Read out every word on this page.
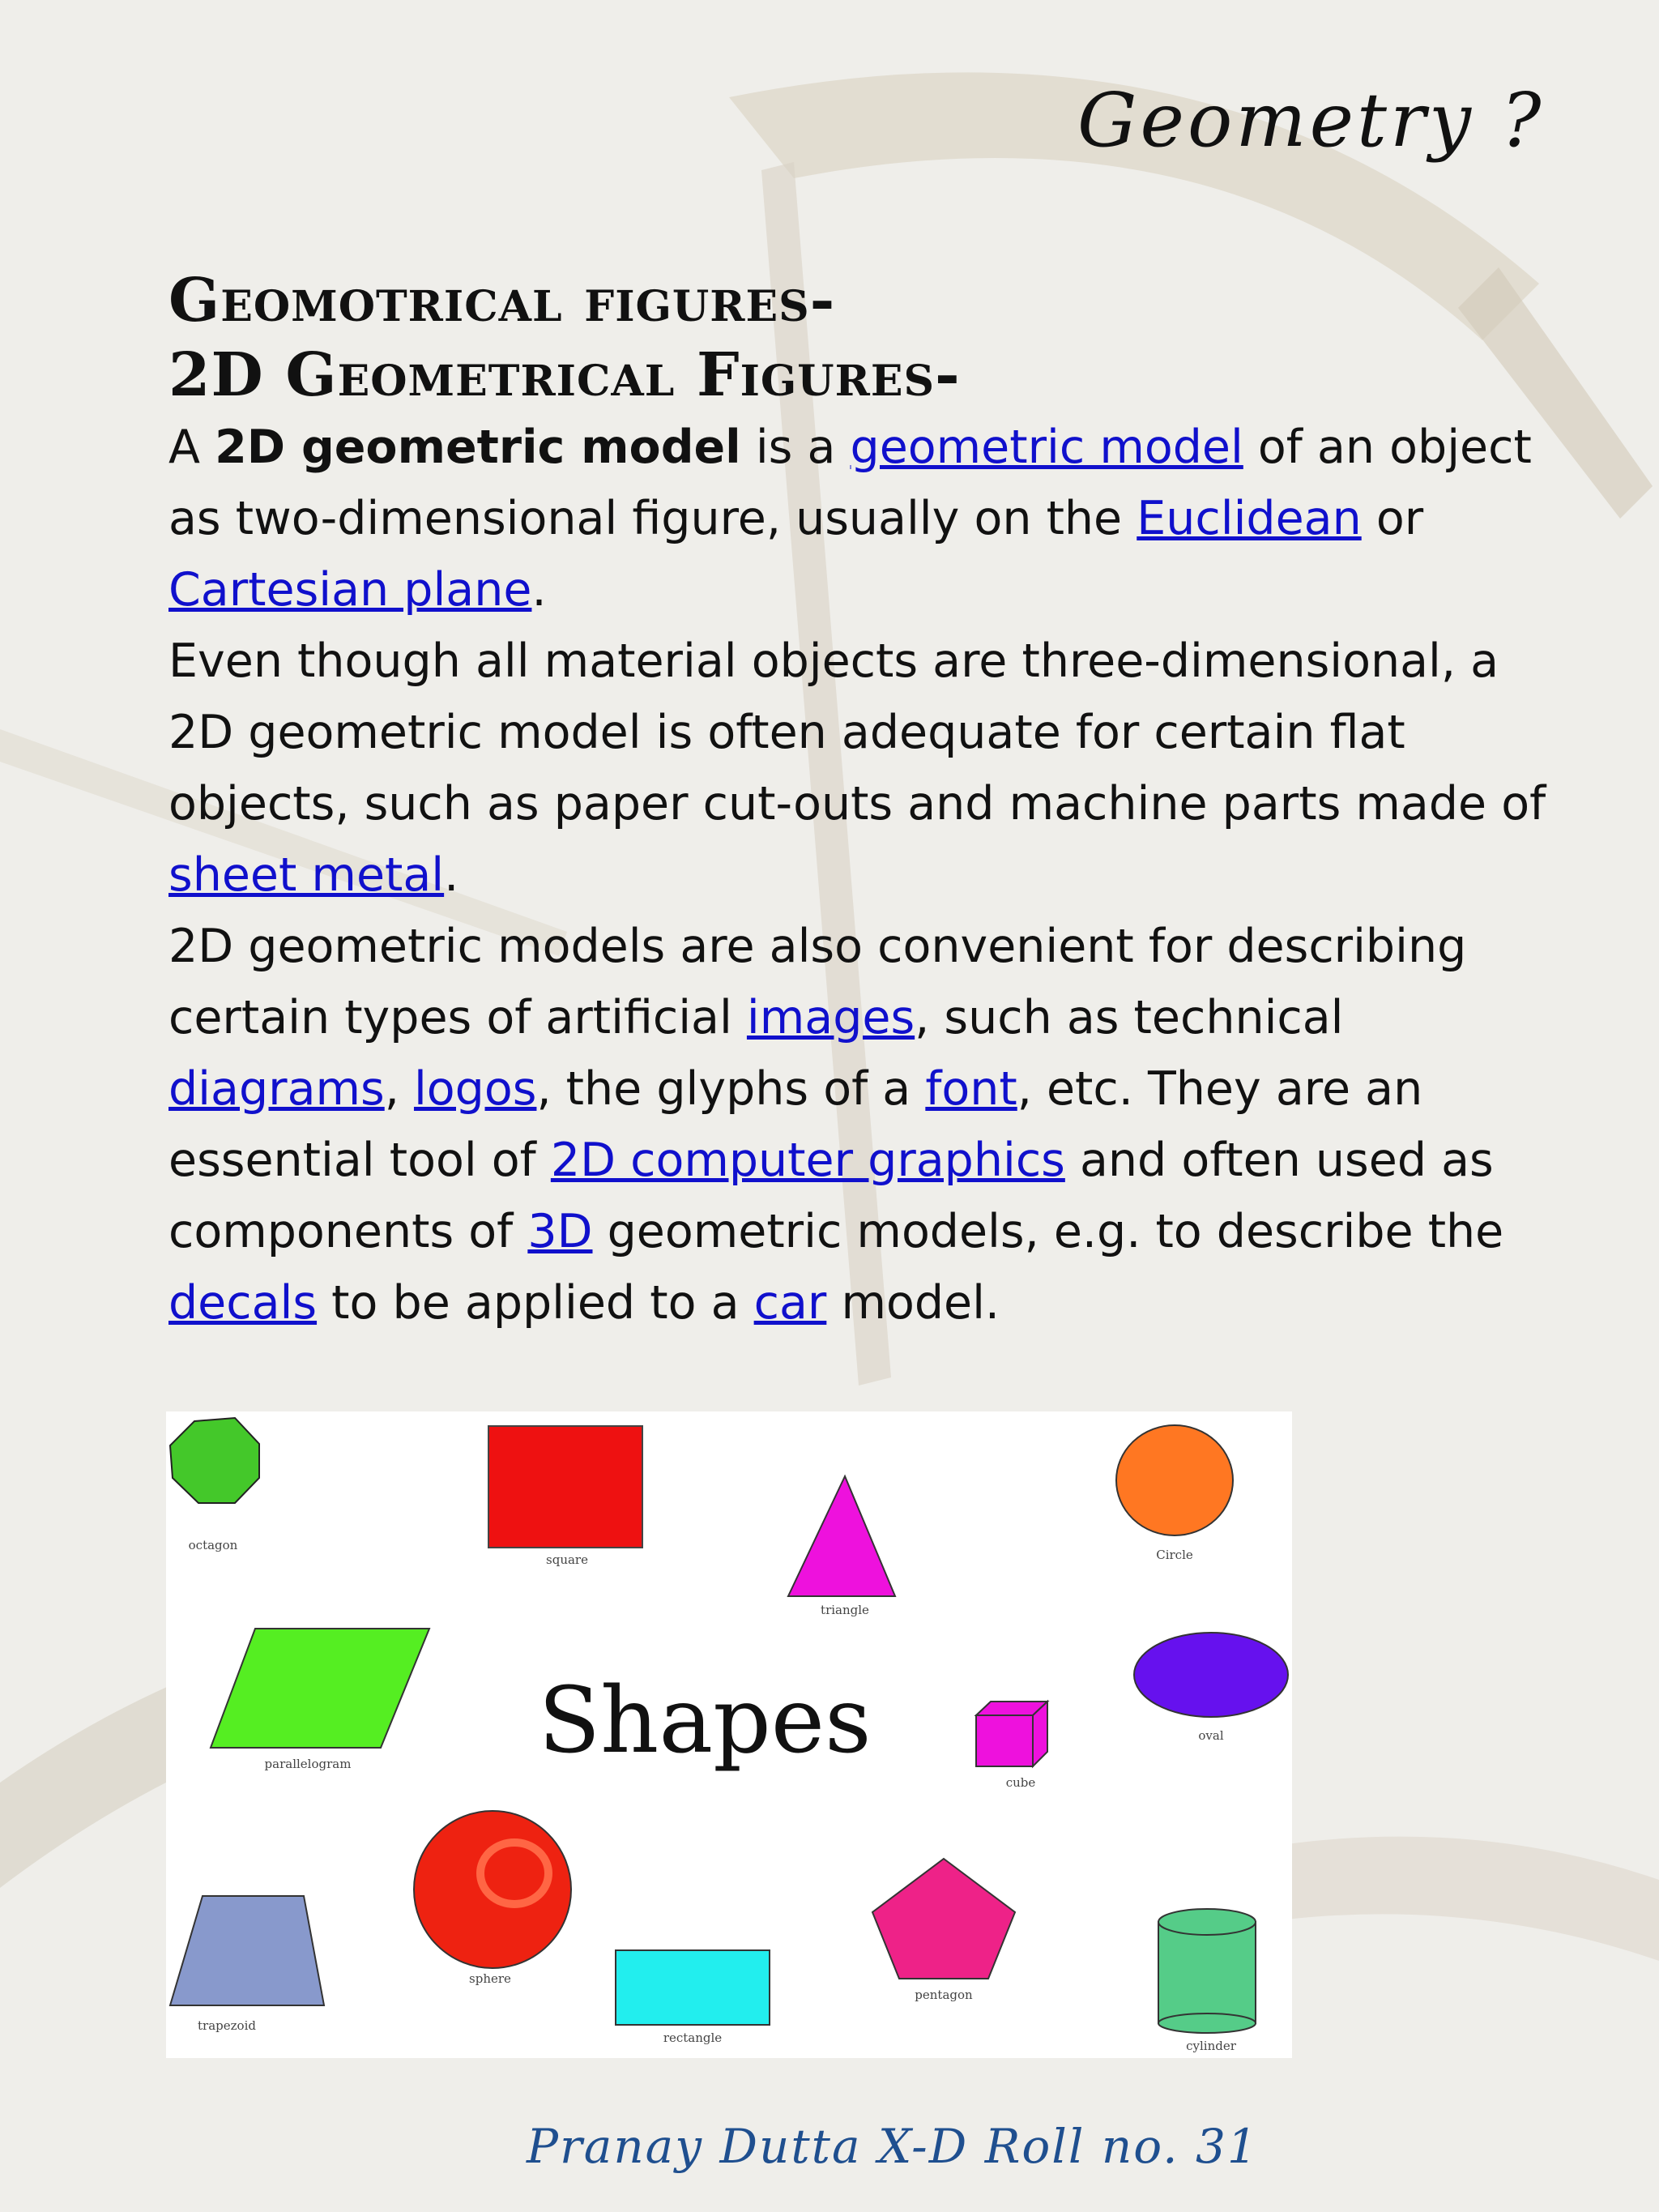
Geometry ?
Geomotrical figures-
2D Geometrical Figures-

A 2D geometric model is a geometric model of an object as two-dimensional figure, usually on the Euclidean or Cartesian plane.

Even though all material objects are three-dimensional, a 2D geometric model is often adequate for certain flat objects, such as paper cut-outs and machine parts made of sheet metal.

2D geometric models are also convenient for describing certain types of artificial images, such as technical diagrams, logos, the glyphs of a font, etc. They are an essential tool of 2D computer graphics and often used as components of 3D geometric models, e.g. to describe the decals to be applied to a car model.

octagon
square
triangle
Circle
parallelogram Shapes
cube
oval
trapezoid
sphere
rectangle
pentagon
cylinder
Pranay Dutta X-D Roll no. 31
